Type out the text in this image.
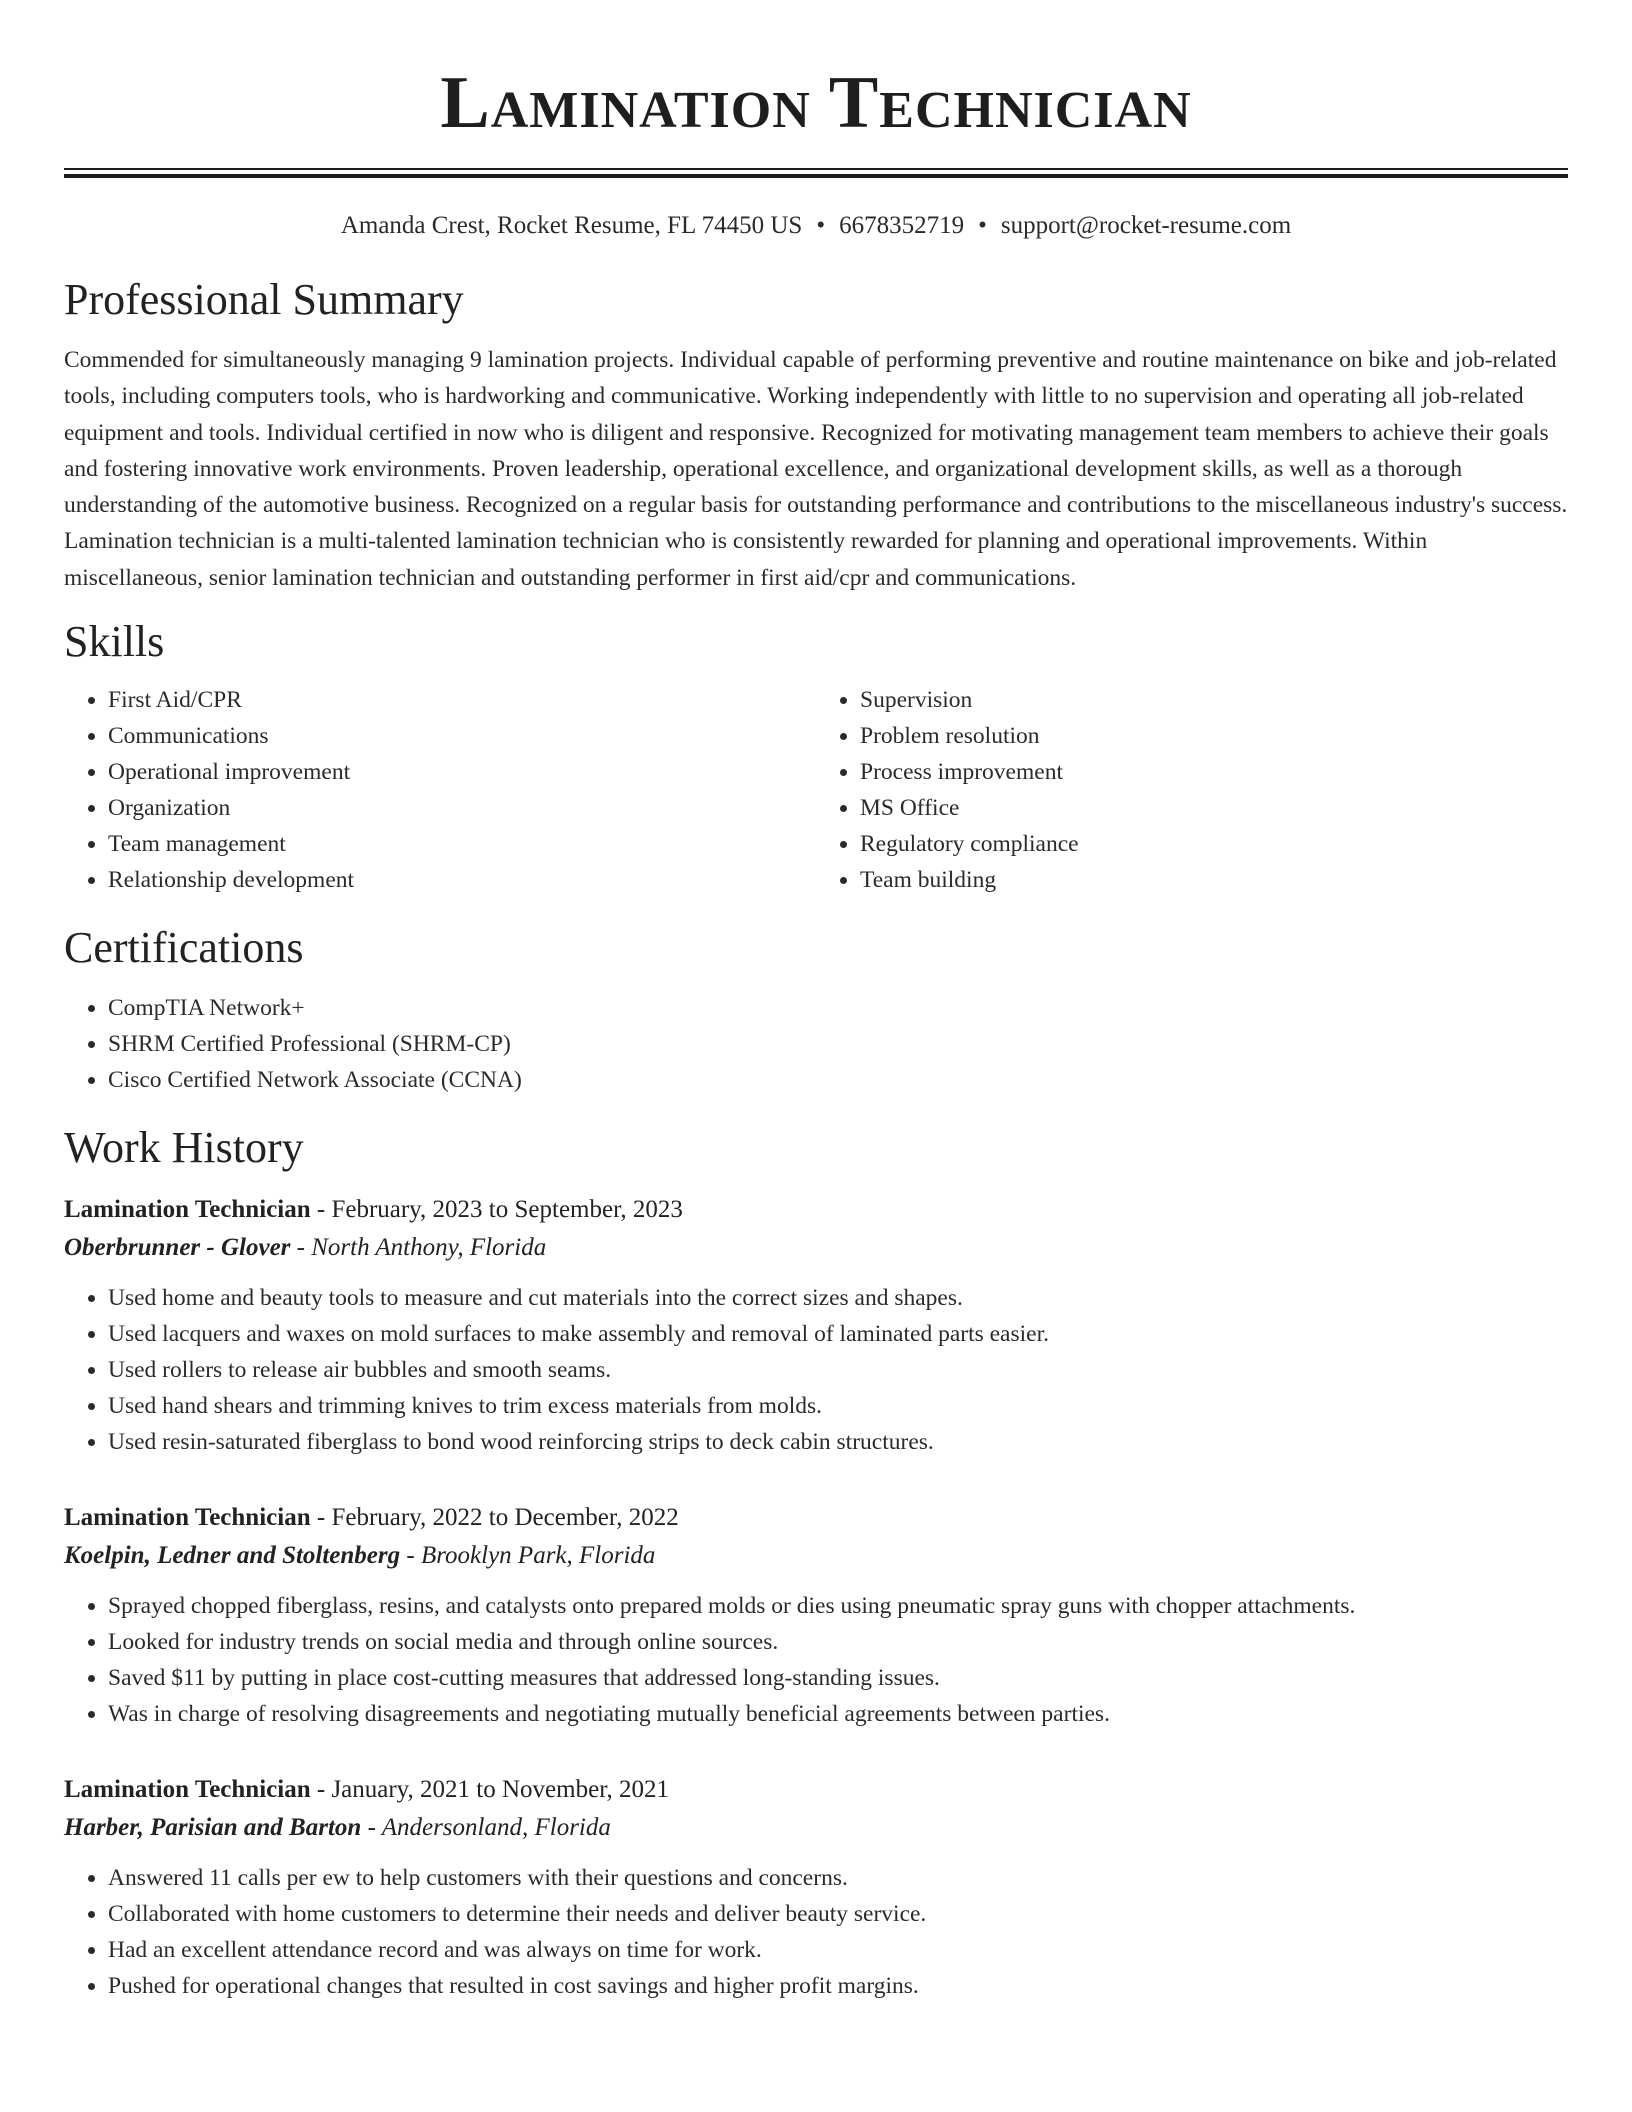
Lamination Technician
Amanda Crest, Rocket Resume, FL 74450 US • 6678352719 • support@rocket-resume.com
Professional Summary

Commended for simultaneously managing 9 lamination projects. Individual capable of performing preventive and routine maintenance on bike and job-related tools, including computers tools, who is hardworking and communicative. Working independently with little to no supervision and operating all job-related equipment and tools. Individual certified in now who is diligent and responsive. Recognized for motivating management team members to achieve their goals and fostering innovative work environments. Proven leadership, operational excellence, and organizational development skills, as well as a thorough understanding of the automotive business. Recognized on a regular basis for outstanding performance and contributions to the miscellaneous industry's success. Lamination technician is a multi-talented lamination technician who is consistently rewarded for planning and operational improvements. Within miscellaneous, senior lamination technician and outstanding performer in first aid/cpr and communications.

Skills
• First Aid/CPR
• Communications
• Operational improvement
• Organization
• Team management
• Relationship development
• Supervision
• Problem resolution
• Process improvement
• MS Office
• Regulatory compliance
• Team building
Certifications
• CompTIA Network+
• SHRM Certified Professional (SHRM-CP)
• Cisco Certified Network Associate (CCNA)
Work History
Lamination Technician - February, 2023 to September, 2023
Oberbrunner - Glover - North Anthony, Florida
• Used home and beauty tools to measure and cut materials into the correct sizes and shapes.
• Used lacquers and waxes on mold surfaces to make assembly and removal of laminated parts easier.
• Used rollers to release air bubbles and smooth seams.
• Used hand shears and trimming knives to trim excess materials from molds.
• Used resin-saturated fiberglass to bond wood reinforcing strips to deck cabin structures.
Lamination Technician - February, 2022 to December, 2022
Koelpin, Ledner and Stoltenberg - Brooklyn Park, Florida
• Sprayed chopped fiberglass, resins, and catalysts onto prepared molds or dies using pneumatic spray guns with chopper attachments.
• Looked for industry trends on social media and through online sources.
• Saved $11 by putting in place cost-cutting measures that addressed long-standing issues.
• Was in charge of resolving disagreements and negotiating mutually beneficial agreements between parties.
Lamination Technician - January, 2021 to November, 2021
Harber, Parisian and Barton - Andersonland, Florida
• Answered 11 calls per ew to help customers with their questions and concerns.
• Collaborated with home customers to determine their needs and deliver beauty service.
• Had an excellent attendance record and was always on time for work.
• Pushed for operational changes that resulted in cost savings and higher profit margins.
